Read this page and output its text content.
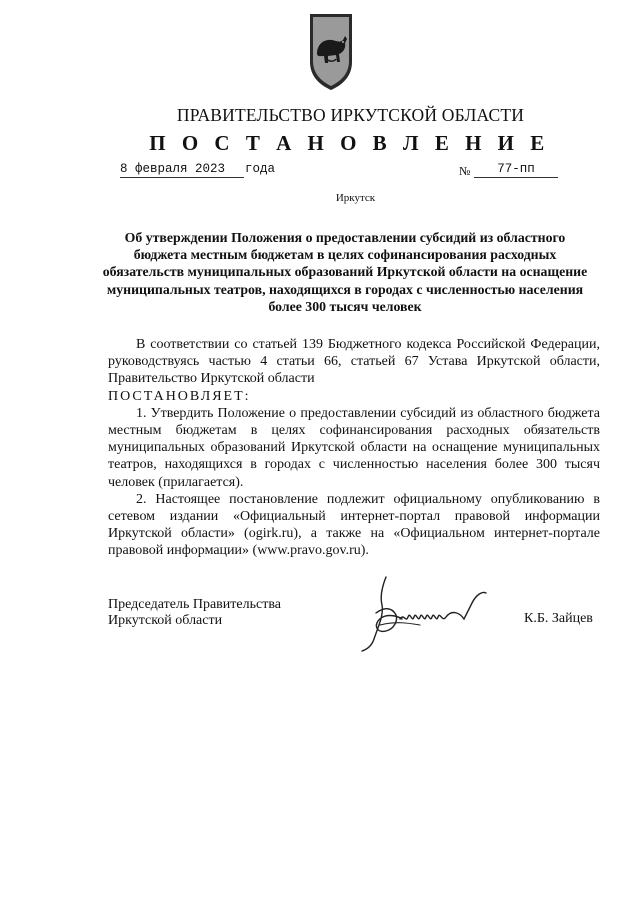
ПРАВИТЕЛЬСТВО ИРКУТСКОЙ ОБЛАСТИ
П О С Т А Н О В Л Е Н И Е
8 февраля 2023	года	№	77-пп
Иркутск
Об утверждении Положения о предоставлении субсидий из областного бюджета местным бюджетам в целях софинансирования расходных обязательств муниципальных образований Иркутской области на оснащение муниципальных театров, находящихся в городах с численностью населения более 300 тысяч человек

В соответствии со статьей 139 Бюджетного кодекса Российской Федерации, руководствуясь частью 4 статьи 66, статьей 67 Устава Иркутской области, Правительство Иркутской области

ПОСТАНОВЛЯЕТ:

1. Утвердить Положение о предоставлении субсидий из областного бюджета местным бюджетам в целях софинансирования расходных обязательств муниципальных образований Иркутской области на оснащение муниципальных театров, находящихся в городах с численностью населения более 300 тысяч человек (прилагается).

2. Настоящее постановление подлежит официальному опубликованию в сетевом издании «Официальный интернет-портал правовой информации Иркутской области» (ogirk.ru), а также на «Официальном интернет-портале правовой информации» (www.pravo.gov.ru).

Председатель Правительства
Иркутской области	К.Б. Зайцев
